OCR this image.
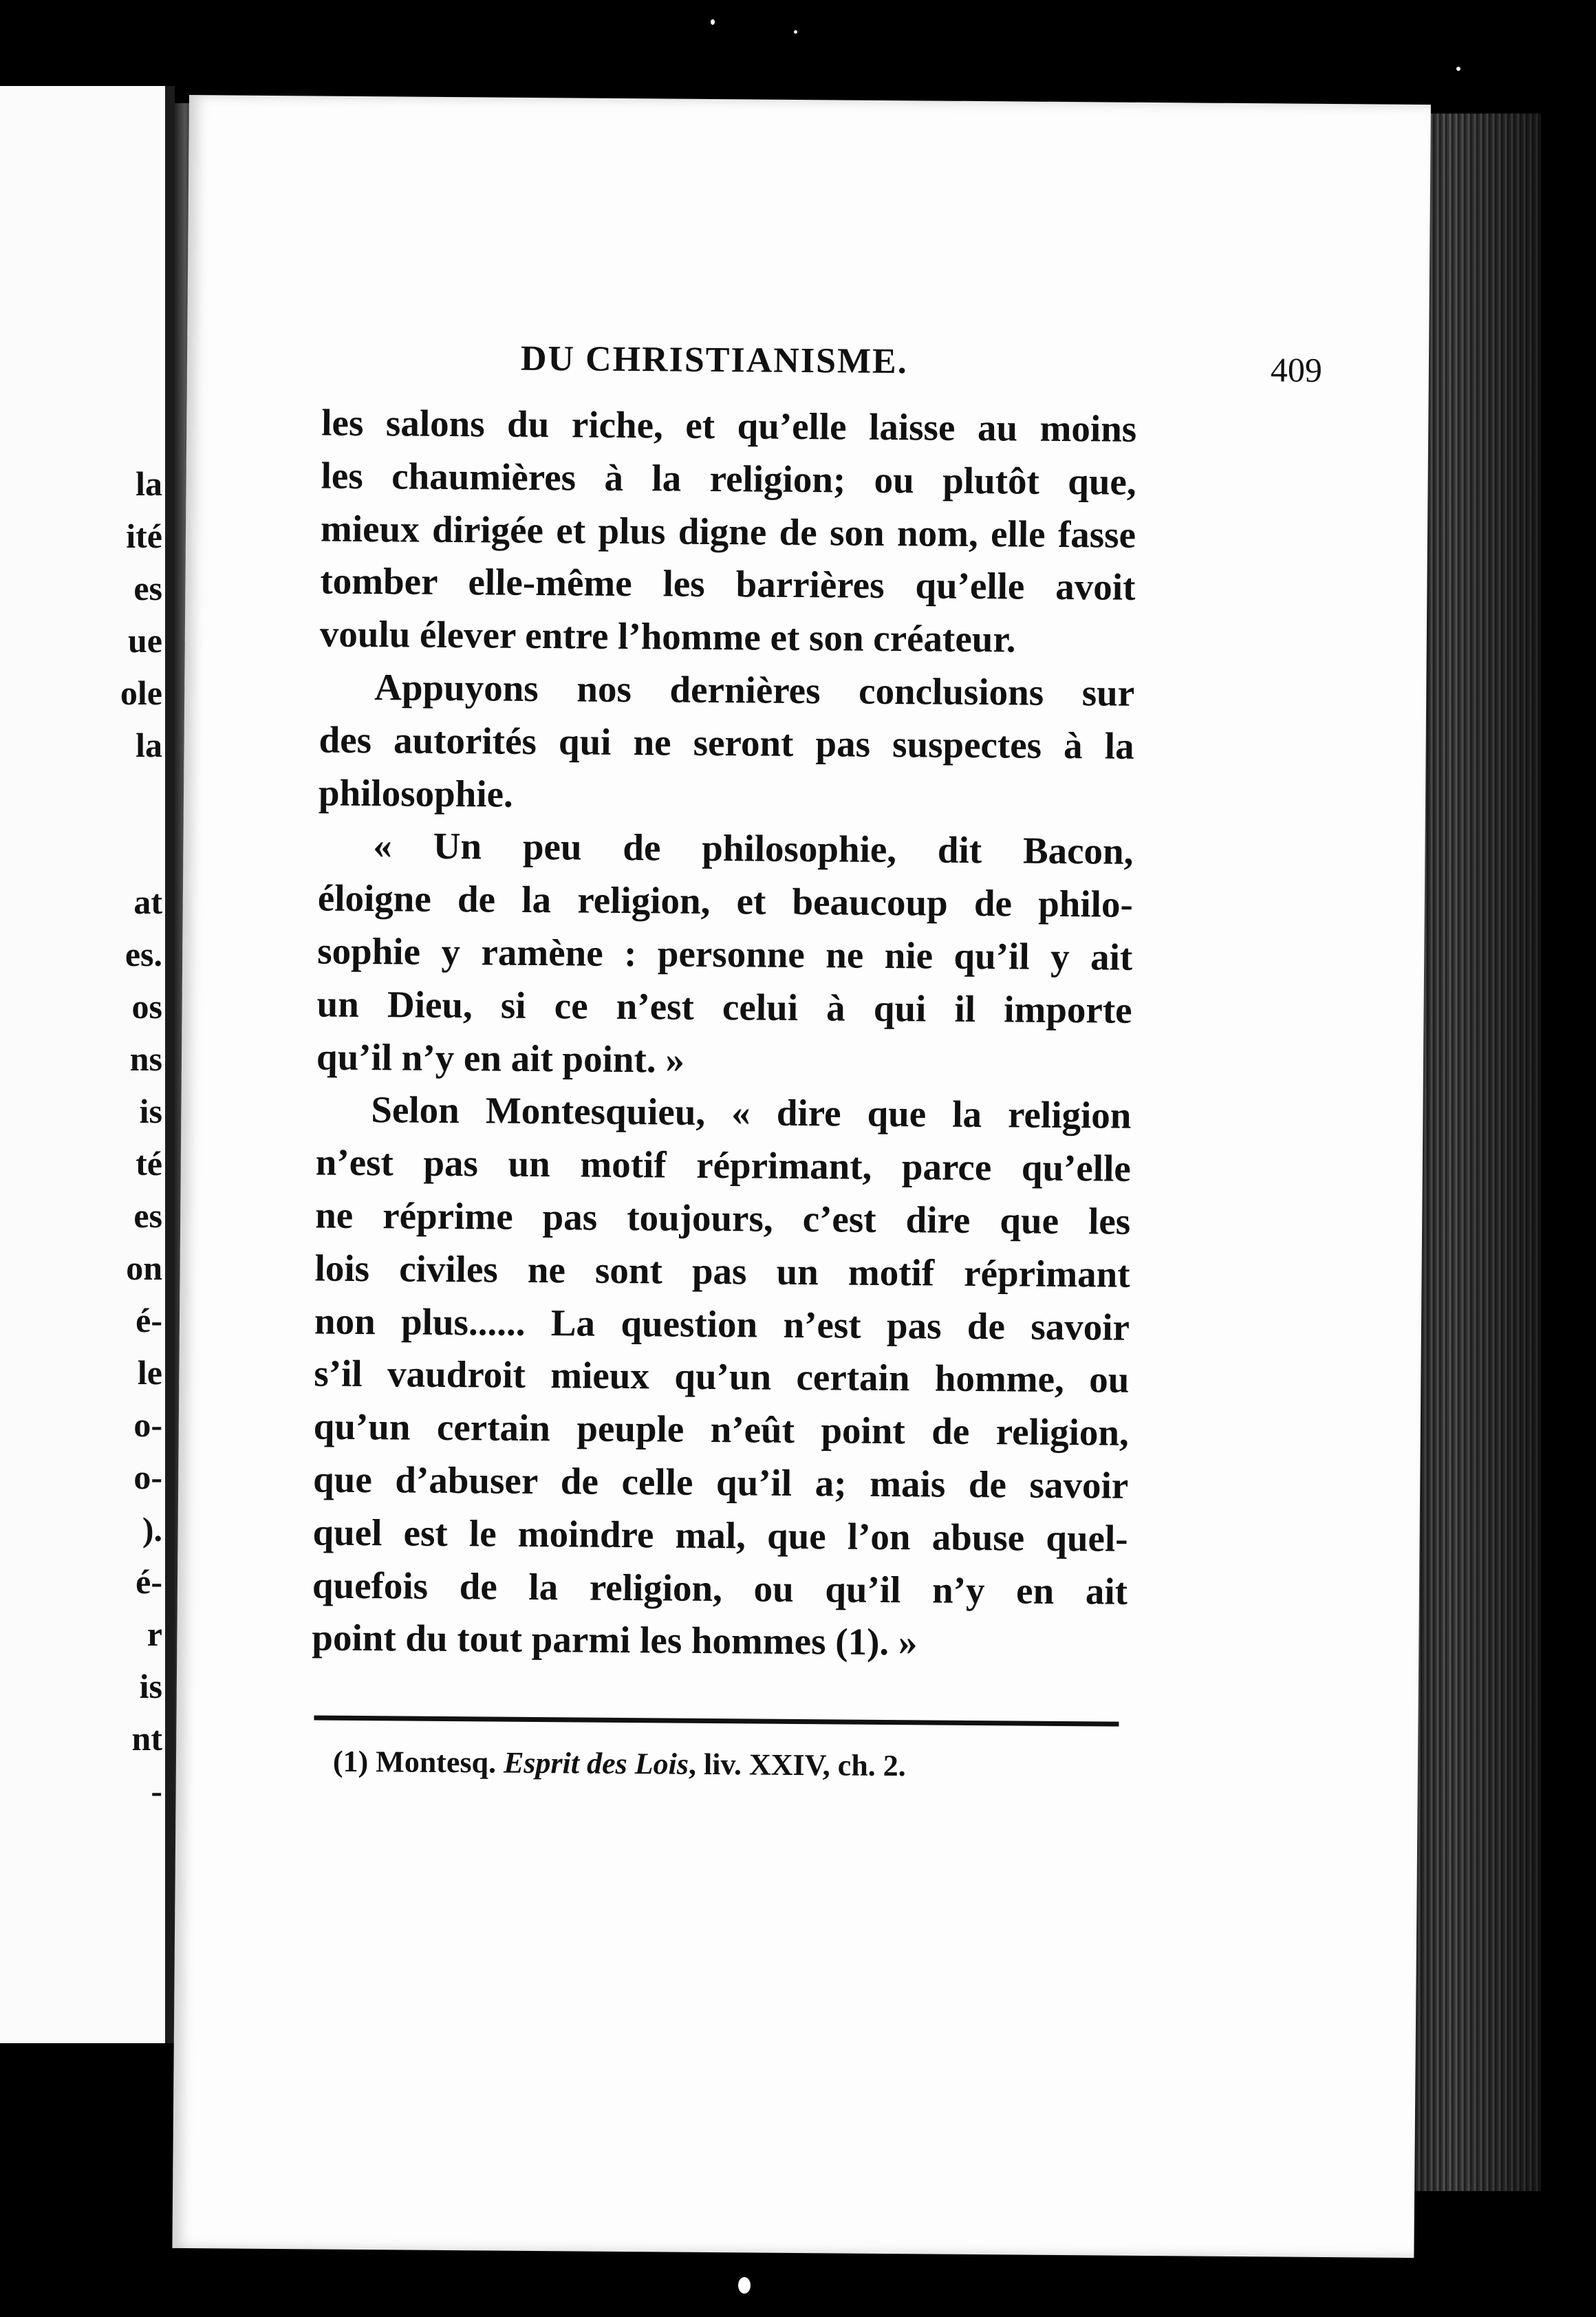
la
ité
es
ue
ole
la
at
es.
os
ns
is
té
es
on
é-
le
o-
o-
).
é-
r
is
nt
-
DU CHRISTIANISME.	409
les salons du riche, et qu’elle laisse au moins
les chaumières à la religion; ou plutôt que,
mieux dirigée et plus digne de son nom, elle fasse
tomber elle-même les barrières qu’elle avoit
voulu élever entre l’homme et son créateur.
Appuyons nos dernières conclusions sur
des autorités qui ne seront pas suspectes à la
philosophie.
« Un peu de philosophie, dit Bacon,
éloigne de la religion, et beaucoup de philo-
sophie y ramène : personne ne nie qu’il y ait
un Dieu, si ce n’est celui à qui il importe
qu’il n’y en ait point. »
Selon Montesquieu, « dire que la religion
n’est pas un motif réprimant, parce qu’elle
ne réprime pas toujours, c’est dire que les
lois civiles ne sont pas un motif réprimant
non plus...... La question n’est pas de savoir
s’il vaudroit mieux qu’un certain homme, ou
qu’un certain peuple n’eût point de religion,
que d’abuser de celle qu’il a; mais de savoir
quel est le moindre mal, que l’on abuse quel-
quefois de la religion, ou qu’il n’y en ait
point du tout parmi les hommes (1). »
(1) Montesq. Esprit des Lois, liv. XXIV, ch. 2.
